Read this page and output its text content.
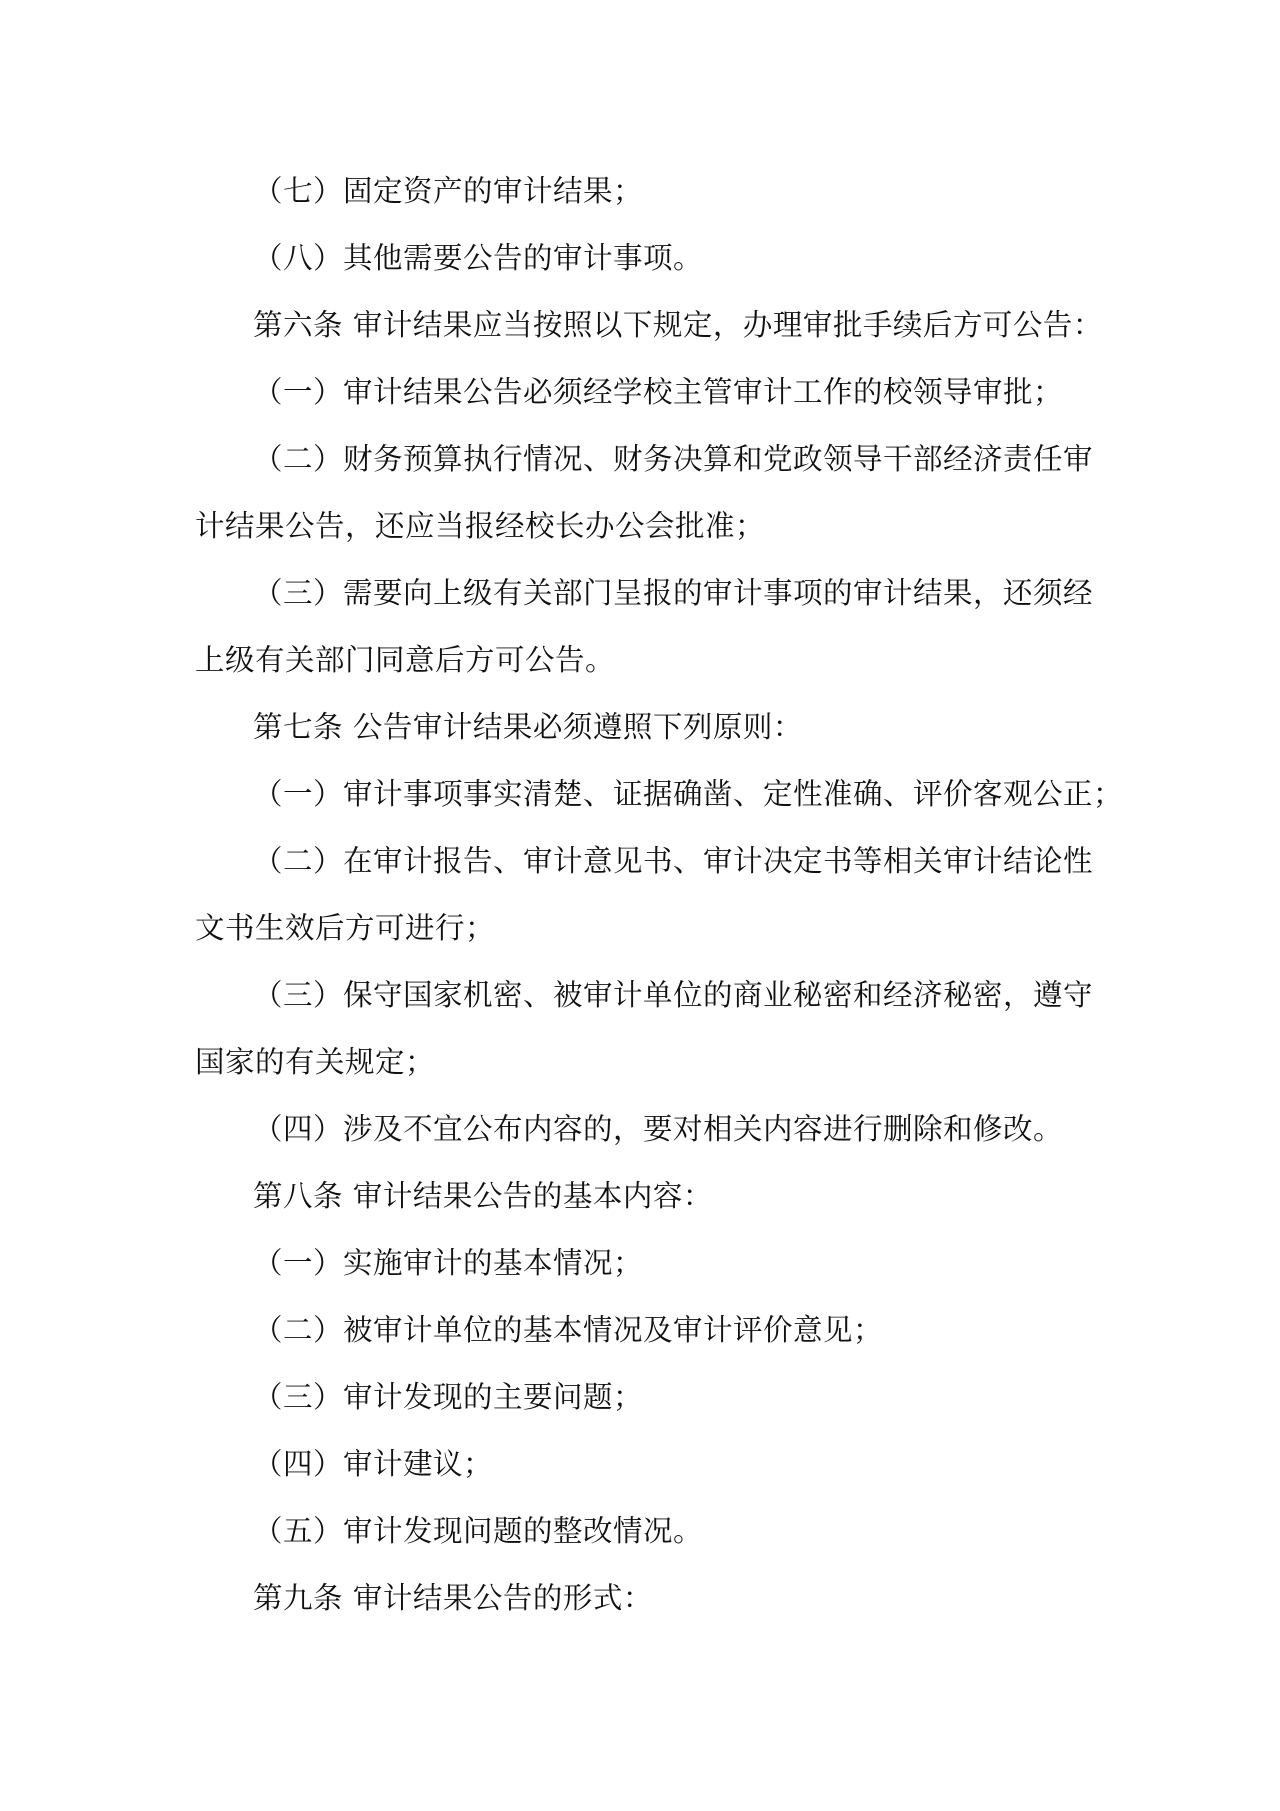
（七）固定资产的审计结果；
（八）其他需要公告的审计事项。
第六条 审计结果应当按照以下规定，办理审批手续后方可公告：
（一）审计结果公告必须经学校主管审计工作的校领导审批；
（二）财务预算执行情况、财务决算和党政领导干部经济责任审
计结果公告，还应当报经校长办公会批准；
（三）需要向上级有关部门呈报的审计事项的审计结果，还须经
上级有关部门同意后方可公告。
第七条 公告审计结果必须遵照下列原则：
（一）审计事项事实清楚、证据确凿、定性准确、评价客观公正；
（二）在审计报告、审计意见书、审计决定书等相关审计结论性
文书生效后方可进行；
（三）保守国家机密、被审计单位的商业秘密和经济秘密，遵守
国家的有关规定；
（四）涉及不宜公布内容的，要对相关内容进行删除和修改。
第八条 审计结果公告的基本内容：
（一）实施审计的基本情况；
（二）被审计单位的基本情况及审计评价意见；
（三）审计发现的主要问题；
（四）审计建议；
（五）审计发现问题的整改情况。
第九条 审计结果公告的形式：
